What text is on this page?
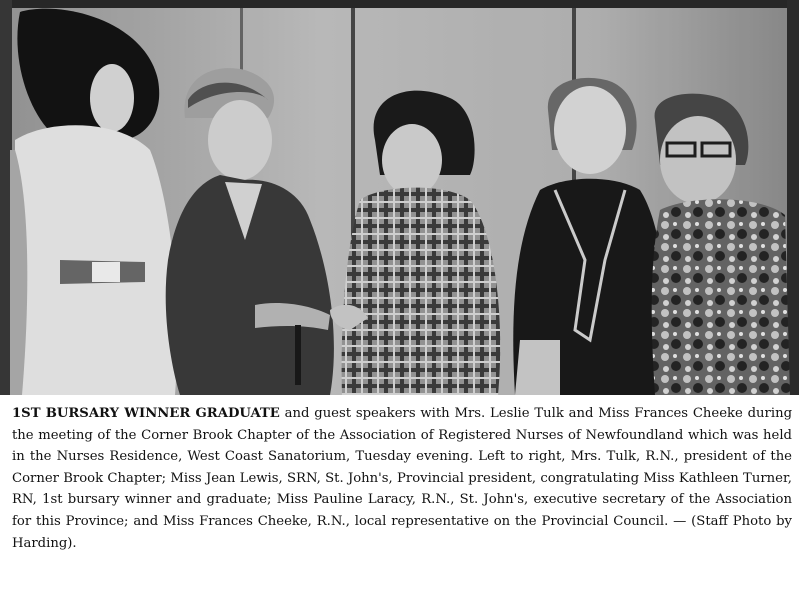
1ST BURSARY WINNER GRADUATE and guest speakers with Mrs. Leslie Tulk and Miss Frances Cheeke during the meeting of the Corner Brook Chapter of the Association of Registered Nurses of Newfoundland which was held in the Nurses Residence, West Coast Sanatorium, Tuesday evening. Left to right, Mrs. Tulk, R.N., president of the Corner Brook Chapter; Miss Jean Lewis, SRN, St. John's, Provincial president, congratulating Miss Kathleen Turner, RN, 1st bursary winner and graduate; Miss Pauline Laracy, R.N., St. John's, executive secretary of the Association for this Province; and Miss Frances Cheeke, R.N., local representative on the Provincial Council. — (Staff Photo by Harding).
